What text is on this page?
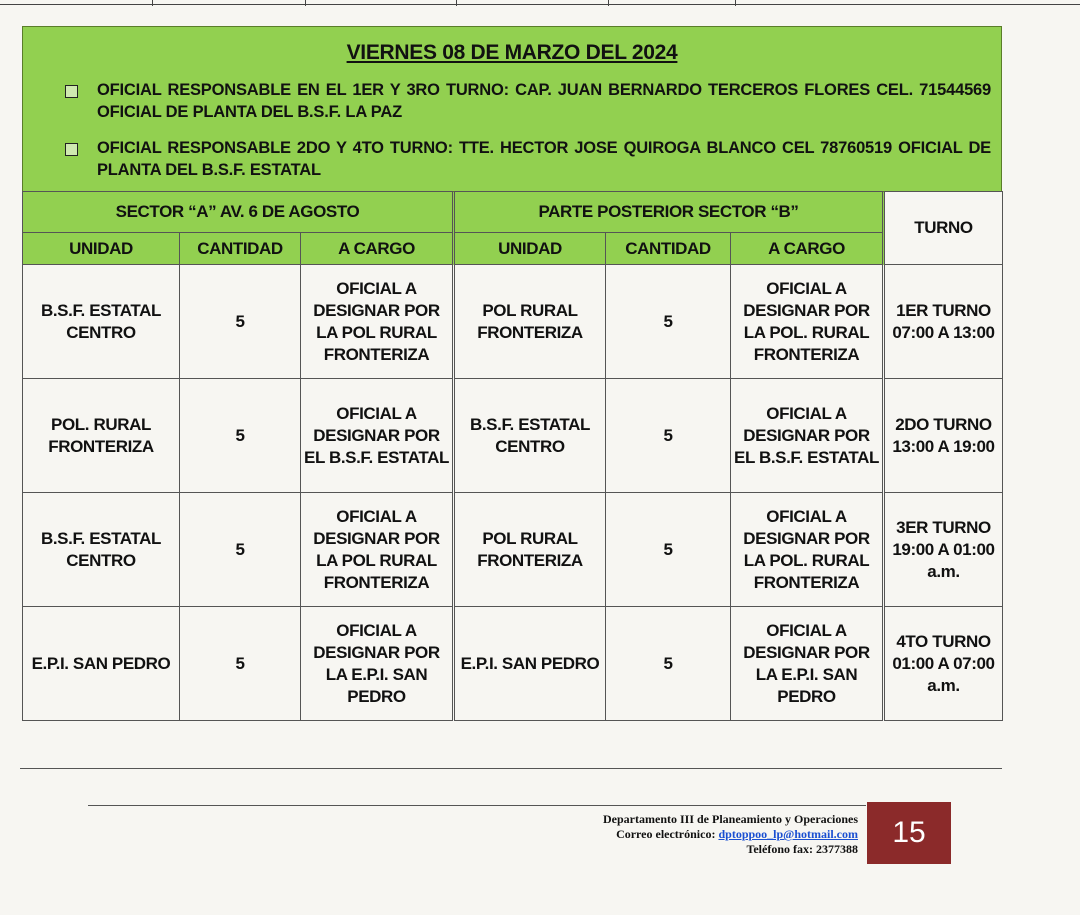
VIERNES 08 DE MARZO DEL 2024
OFICIAL RESPONSABLE EN EL 1ER Y 3RO TURNO: CAP. JUAN BERNARDO TERCEROS FLORES CEL. 71544569 OFICIAL DE PLANTA DEL B.S.F. LA PAZ
OFICIAL RESPONSABLE 2DO Y 4TO TURNO: TTE. HECTOR JOSE QUIROGA BLANCO CEL 78760519 OFICIAL DE PLANTA DEL B.S.F. ESTATAL
SECTOR “A” AV. 6 DE AGOSTO			PARTE POSTERIOR SECTOR “B”			TURNO
UNIDAD	CANTIDAD	A CARGO	UNIDAD	CANTIDAD	A CARGO	
B.S.F. ESTATAL CENTRO	5	OFICIAL A DESIGNAR POR LA POL RURAL FRONTERIZA	POL RURAL FRONTERIZA	5	OFICIAL A DESIGNAR POR LA POL. RURAL FRONTERIZA	1ER TURNO 07:00 A 13:00
POL. RURAL FRONTERIZA	5	OFICIAL A DESIGNAR POR EL B.S.F. ESTATAL	B.S.F. ESTATAL CENTRO	5	OFICIAL A DESIGNAR POR EL B.S.F. ESTATAL	2DO TURNO 13:00 A 19:00
B.S.F. ESTATAL CENTRO	5	OFICIAL A DESIGNAR POR LA POL RURAL FRONTERIZA	POL RURAL FRONTERIZA	5	OFICIAL A DESIGNAR POR LA POL. RURAL FRONTERIZA	3ER TURNO 19:00 A 01:00 a.m.
E.P.I. SAN PEDRO	5	OFICIAL A DESIGNAR POR LA E.P.I. SAN PEDRO	E.P.I. SAN PEDRO	5	OFICIAL A DESIGNAR POR LA E.P.I. SAN PEDRO	4TO TURNO 01:00 A 07:00 a.m.
Departamento III de Planeamiento y Operaciones
Correo electrónico: dptoppoo_lp@hotmail.com
Teléfono fax: 2377388	15
